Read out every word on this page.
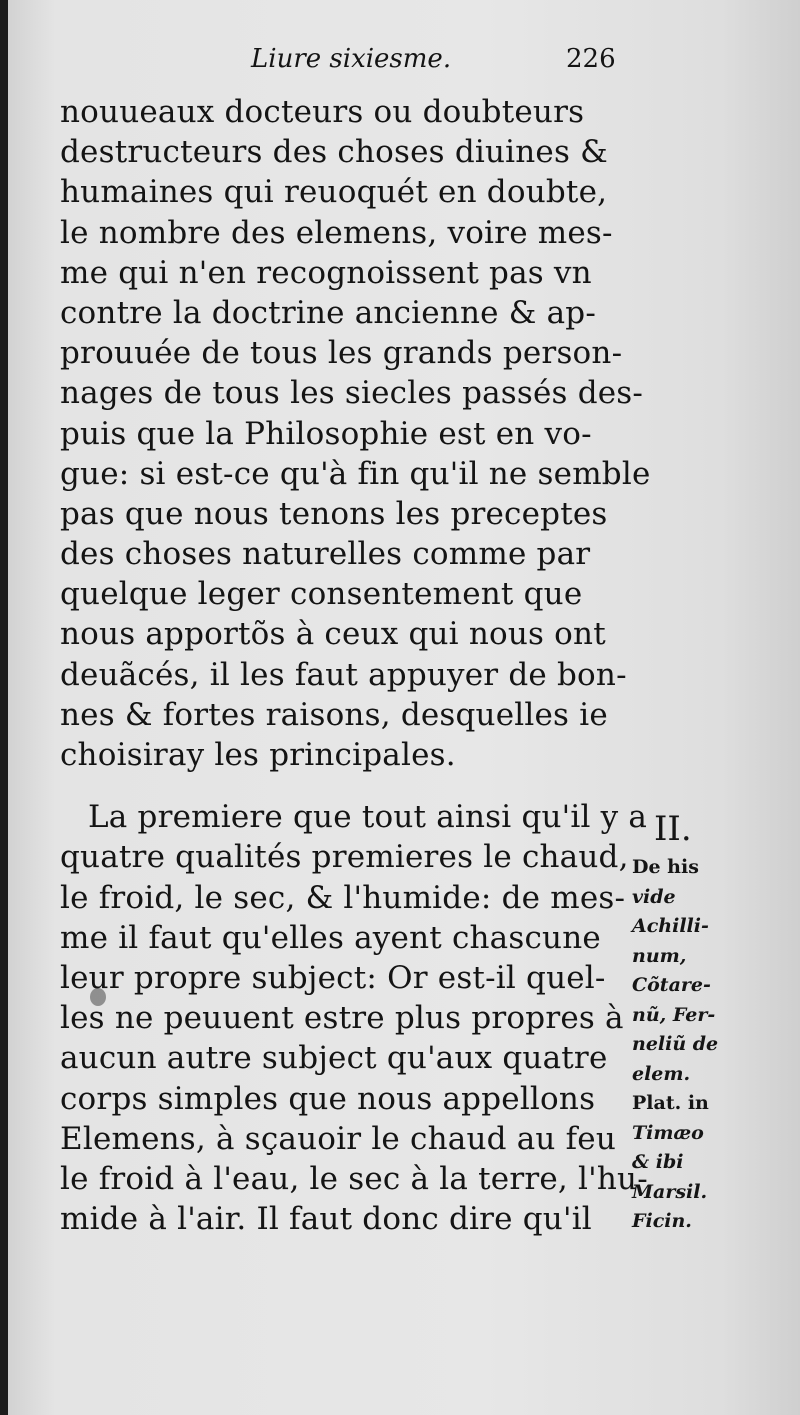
Liure sixiesme.	226
nouueaux docteurs ou doubteurs
destructeurs des choses diuines &
humaines qui reuoquét en doubte,
le nombre des elemens, voire mes-
me qui n'en recognoissent pas vn
contre la doctrine ancienne & ap-
prouuée de tous les grands person-
nages de tous les siecles passés des-
puis que la Philosophie est en vo-
gue: si est-ce qu'à fin qu'il ne semble
pas que nous tenons les preceptes
des choses naturelles comme par
quelque leger consentement que
nous apportõs à ceux qui nous ont
deuãcés, il les faut appuyer de bon-
nes & fortes raisons, desquelles ie
choisiray les principales.
La premiere que tout ainsi qu'il y a
quatre qualités premieres le chaud,
le froid, le sec, & l'humide: de mes-
me il faut qu'elles ayent chascune
leur propre subject: Or est-il quel-
les ne peuuent estre plus propres à
aucun autre subject qu'aux quatre
corps simples que nous appellons
Elemens, à sçauoir le chaud au feu
le froid à l'eau, le sec à la terre, l'hu-
mide à l'air. Il faut donc dire qu'il
II.
De his
vide
Achilli-
num,
Cõtare-
nũ, Fer-
neliũ de
elem.
Plat. in
Timæo
& ibi
Marsil.
Ficin.
